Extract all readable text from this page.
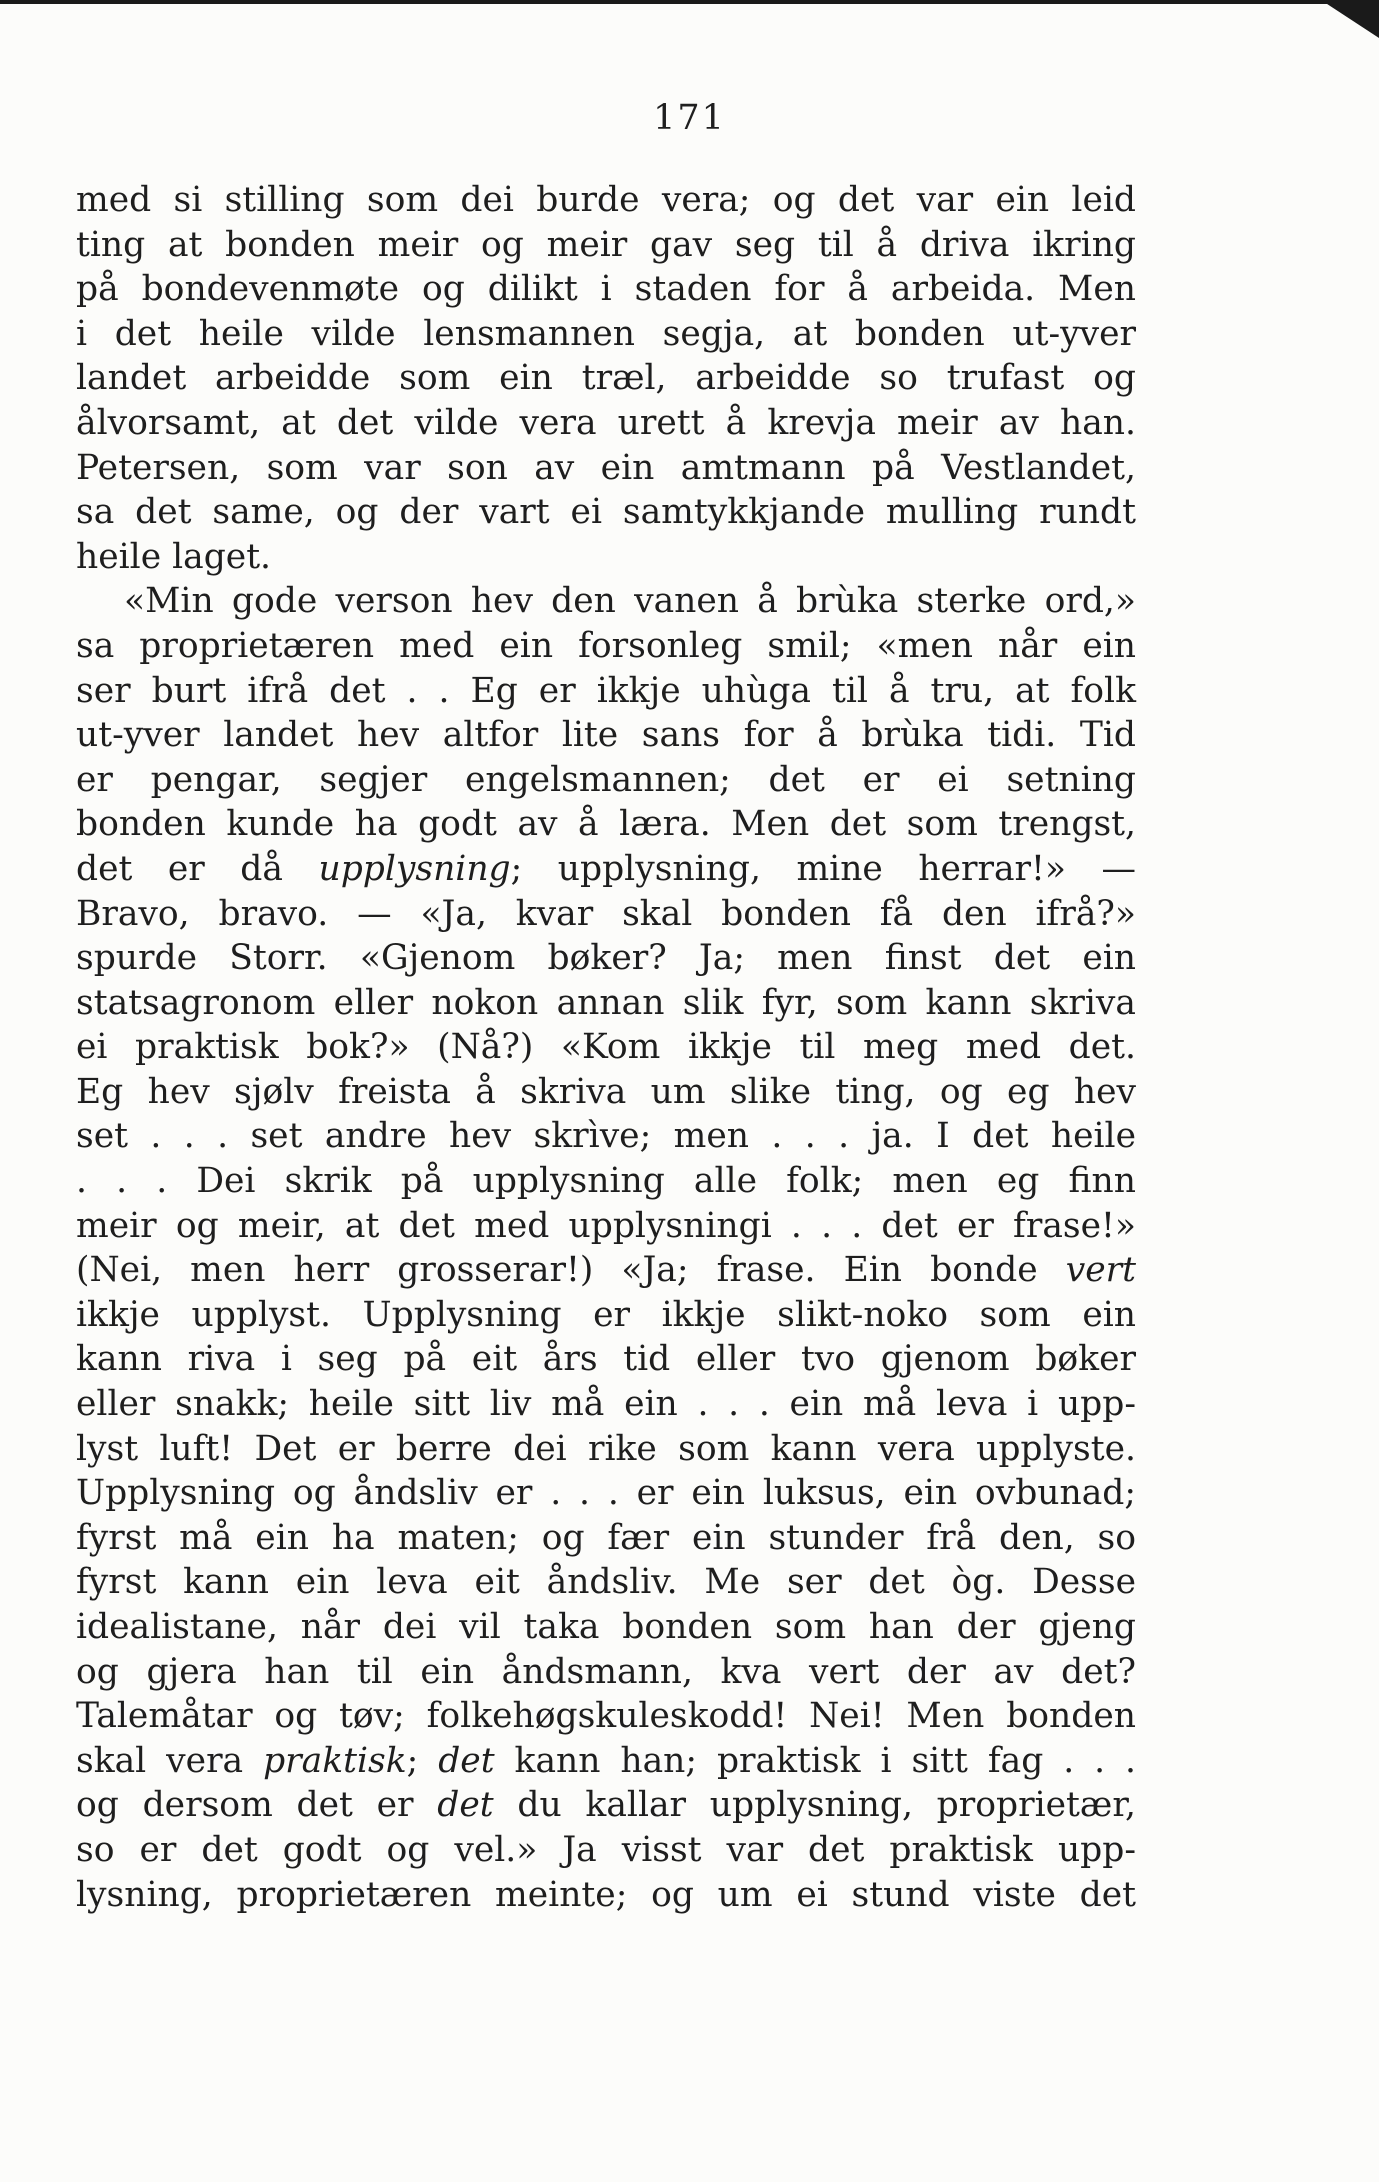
171
med si stilling som dei burde vera; og det var ein leid
ting at bonden meir og meir gav seg til å driva ikring
på bondevenmøte og dilikt i staden for å arbeida. Men
i det heile vilde lensmannen segja, at bonden ut-yver
landet arbeidde som ein træl, arbeidde so trufast og
ålvorsamt, at det vilde vera urett å krevja meir av han.
Petersen, som var son av ein amtmann på Vestlandet,
sa det same, og der vart ei samtykkjande mulling rundt
heile laget.
«Min gode verson hev den vanen å brùka sterke ord,»
sa proprietæren med ein forsonleg smil; «men når ein
ser burt ifrå det . . Eg er ikkje uhùga til å tru, at folk
ut-yver landet hev altfor lite sans for å brùka tidi. Tid
er pengar, segjer engelsmannen; det er ei setning
bonden kunde ha godt av å læra. Men det som trengst,
det er då upplysning; upplysning, mine herrar!» —
Bravo, bravo. — «Ja, kvar skal bonden få den ifrå?»
spurde Storr. «Gjenom bøker? Ja; men finst det ein
statsagronom eller nokon annan slik fyr, som kann skriva
ei praktisk bok?» (Nå?) «Kom ikkje til meg med det.
Eg hev sjølv freista å skriva um slike ting, og eg hev
set . . . set andre hev skrìve; men . . . ja. I det heile
. . . Dei skrik på upplysning alle folk; men eg finn
meir og meir, at det med upplysningi . . . det er frase!»
(Nei, men herr grosserar!) «Ja; frase. Ein bonde vert
ikkje upplyst. Upplysning er ikkje slikt-noko som ein
kann riva i seg på eit års tid eller tvo gjenom bøker
eller snakk; heile sitt liv må ein . . . ein må leva i upp-
lyst luft! Det er berre dei rike som kann vera upplyste.
Upplysning og åndsliv er . . . er ein luksus, ein ovbunad;
fyrst må ein ha maten; og fær ein stunder frå den, so
fyrst kann ein leva eit åndsliv. Me ser det òg. Desse
idealistane, når dei vil taka bonden som han der gjeng
og gjera han til ein åndsmann, kva vert der av det?
Talemåtar og tøv; folkehøgskuleskodd! Nei! Men bonden
skal vera praktisk; det kann han; praktisk i sitt fag . . .
og dersom det er det du kallar upplysning, proprietær,
so er det godt og vel.» Ja visst var det praktisk upp-
lysning, proprietæren meinte; og um ei stund viste det
